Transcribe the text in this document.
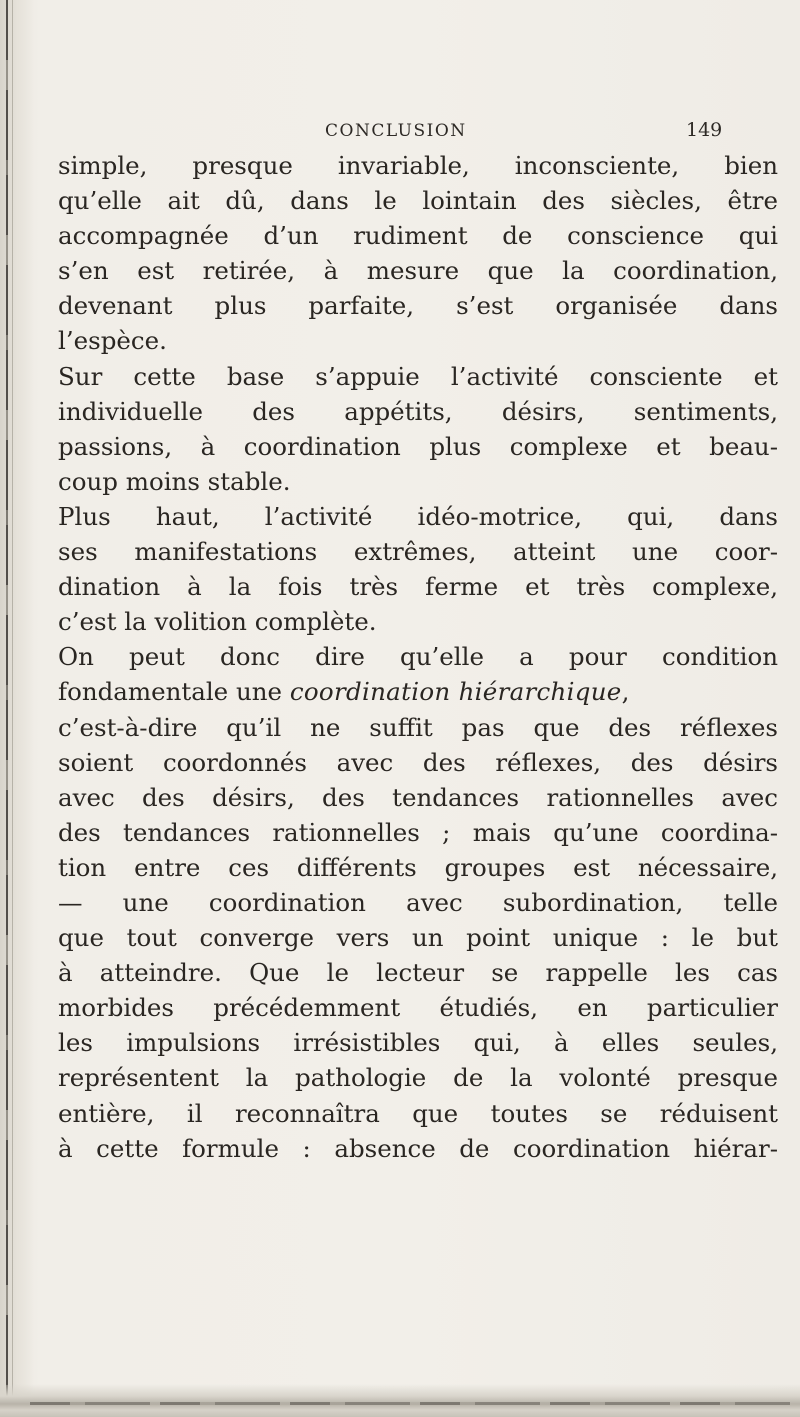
CONCLUSION	149
simple, presque invariable, inconsciente, bien
qu’elle ait dû, dans le lointain des siècles, être
accompagnée d’un rudiment de conscience qui
s’en est retirée, à mesure que la coordination,
devenant plus parfaite, s’est organisée dans
l’espèce.
Sur cette base s’appuie l’activité consciente et
individuelle des appétits, désirs, sentiments,
passions, à coordination plus complexe et beau-
coup moins stable.
Plus haut, l’activité idéo-motrice, qui, dans
ses manifestations extrêmes, atteint une coor-
dination à la fois très ferme et très complexe,
c’est la volition complète.
On peut donc dire qu’elle a pour condition
fondamentale une coordination hiérarchique,
c’est-à-dire qu’il ne suffit pas que des réflexes
soient coordonnés avec des réflexes, des désirs
avec des désirs, des tendances rationnelles avec
des tendances rationnelles ; mais qu’une coordina-
tion entre ces différents groupes est nécessaire,
— une coordination avec subordination, telle
que tout converge vers un point unique : le but
à atteindre. Que le lecteur se rappelle les cas
morbides précédemment étudiés, en particulier
les impulsions irrésistibles qui, à elles seules,
représentent la pathologie de la volonté presque
entière, il reconnaîtra que toutes se réduisent
à cette formule : absence de coordination hiérar-
